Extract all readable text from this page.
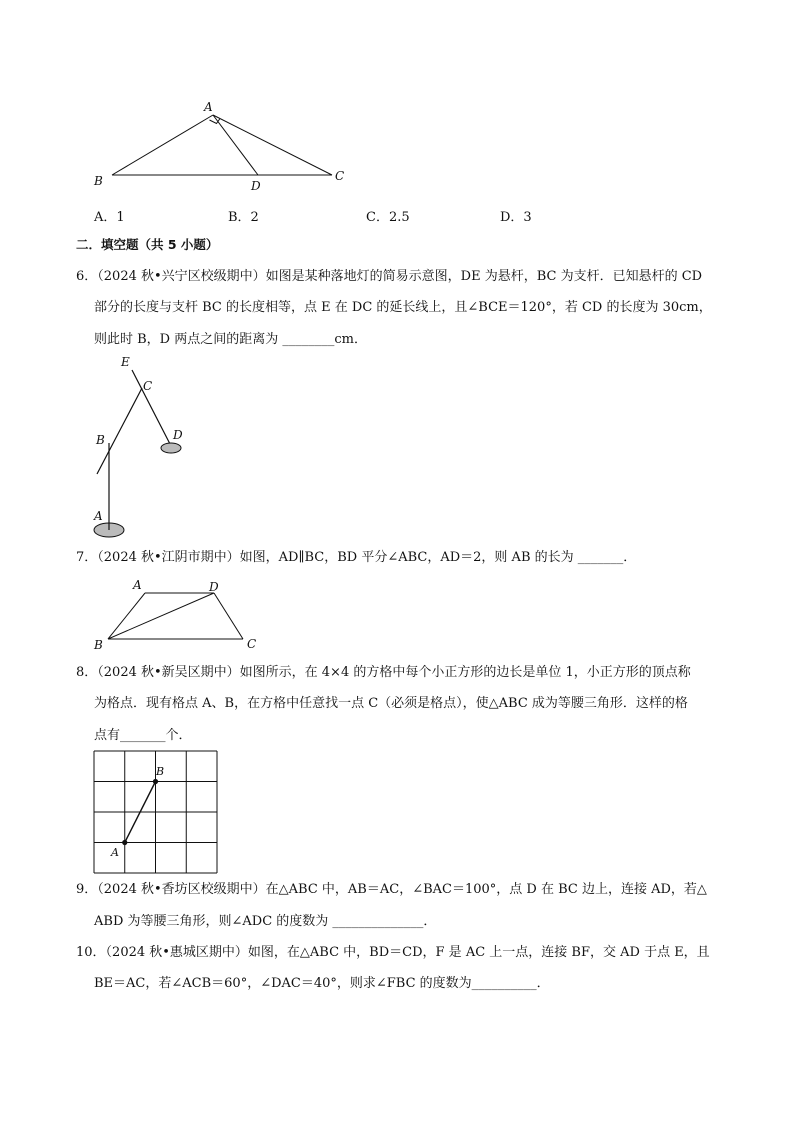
A
B	C
D
A．1	B．2	C．2.5	D．3
二．填空题（共 5 小题）
6．（2024 秋•兴宁区校级期中）如图是某种落地灯的简易示意图，DE 为悬杆，BC 为支杆．已知悬杆的 CD
部分的长度与支杆 BC 的长度相等，点 E 在 DC 的延长线上，且∠BCE＝120°，若 CD 的长度为 30cm，
则此时 B，D 两点之间的距离为 ________cm．
E
C
B	D
A
7．（2024 秋•江阴市期中）如图，AD∥BC，BD 平分∠ABC，AD＝2，则 AB 的长为 _______．
A	D
B	C
8．（2024 秋•新吴区期中）如图所示，在 4×4 的方格中每个小正方形的边长是单位 1，小正方形的顶点称
为格点．现有格点 A、B，在方格中任意找一点 C（必须是格点），使△ABC 成为等腰三角形．这样的格
点有_______个．
A
B
9．（2024 秋•香坊区校级期中）在△ABC 中，AB＝AC，∠BAC＝100°，点 D 在 BC 边上，连接 AD，若△
ABD 为等腰三角形，则∠ADC 的度数为 ______________．
10．（2024 秋•惠城区期中）如图，在△ABC 中，BD＝CD，F 是 AC 上一点，连接 BF，交 AD 于点 E，且
BE＝AC，若∠ACB＝60°，∠DAC＝40°，则求∠FBC 的度数为__________．
